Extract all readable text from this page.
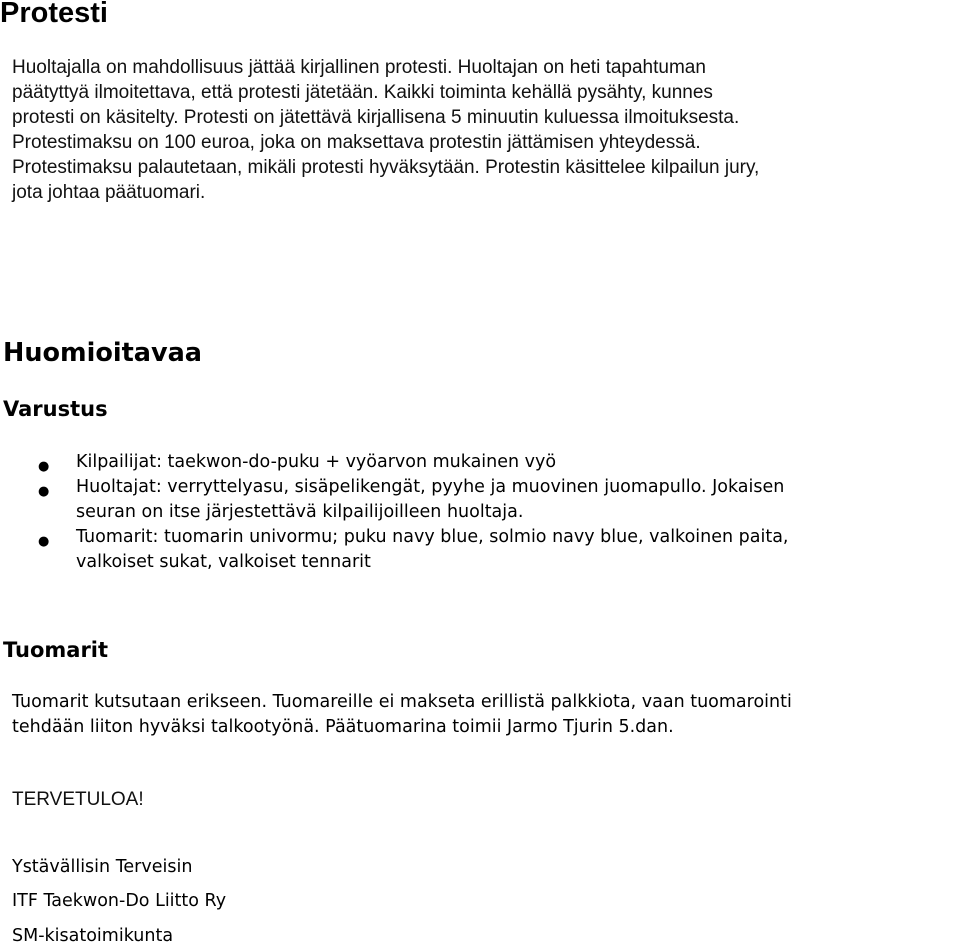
Protesti
Huoltajalla on mahdollisuus jättää kirjallinen protesti. Huoltajan on heti tapahtuman
päätyttyä ilmoitettava, että protesti jätetään. Kaikki toiminta kehällä pysähty, kunnes
protesti on käsitelty. Protesti on jätettävä kirjallisena 5 minuutin kuluessa ilmoituksesta.
Protestimaksu on 100 euroa, joka on maksettava protestin jättämisen yhteydessä.
Protestimaksu palautetaan, mikäli protesti hyväksytään. Protestin käsittelee kilpailun jury,
jota johtaa päätuomari.
Huomioitavaa
Varustus
● Kilpailijat: taekwon-do-puku + vyöarvon mukainen vyö
● Huoltajat: verryttelyasu, sisäpelikengät, pyyhe ja muovinen juomapullo. Jokaisen
seuran on itse järjestettävä kilpailijoilleen huoltaja.
● Tuomarit: tuomarin univormu; puku navy blue, solmio navy blue, valkoinen paita,
valkoiset sukat, valkoiset tennarit
Tuomarit
Tuomarit kutsutaan erikseen. Tuomareille ei makseta erillistä palkkiota, vaan tuomarointi
tehdään liiton hyväksi talkootyönä. Päätuomarina toimii Jarmo Tjurin 5.dan.
TERVETULOA!
Ystävällisin Terveisin
ITF Taekwon-Do Liitto Ry
SM-kisatoimikunta
